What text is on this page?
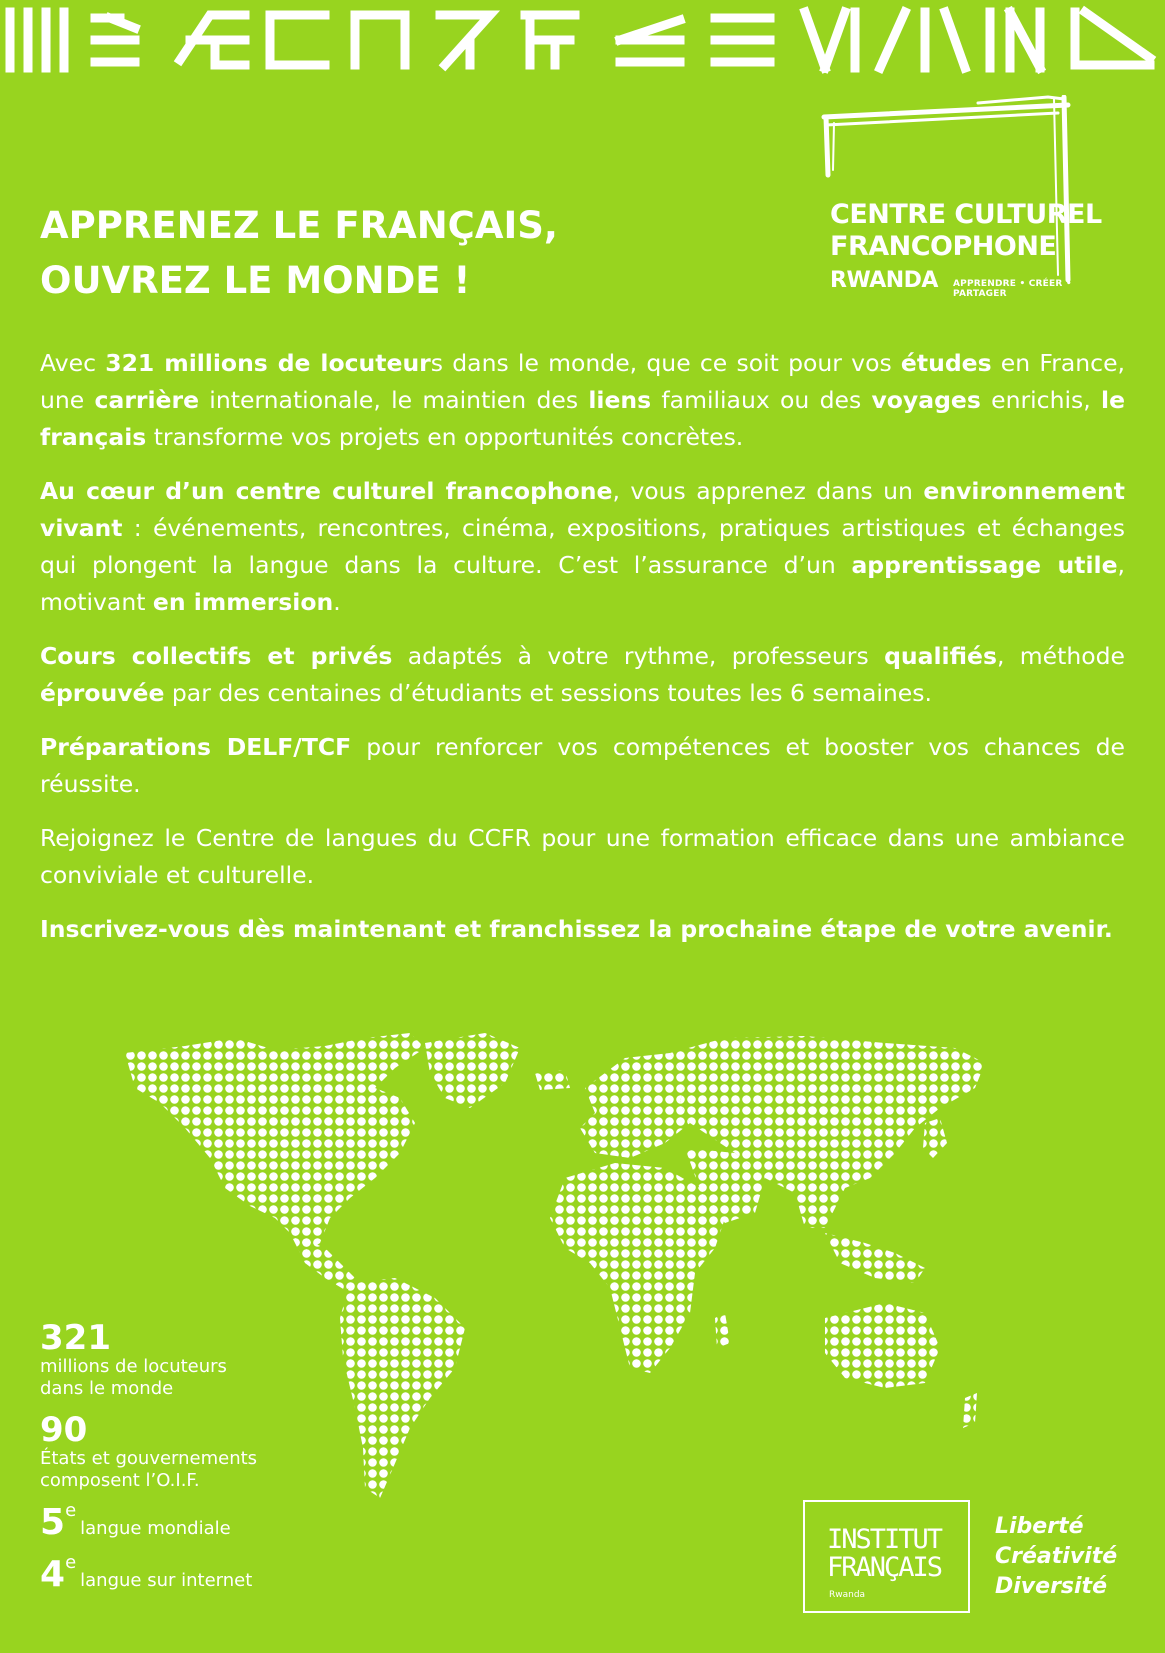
CENTRE CULTUREL
FRANCOPHONE
RWANDA APPRENDRE • CRÉER • PARTAGER
APPRENEZ LE FRANÇAIS,
OUVREZ LE MONDE !

Avec 321 millions de locuteurs dans le monde, que ce soit pour vos études en France, une carrière internationale, le maintien des liens familiaux ou des voyages enrichis, le français transforme vos projets en opportunités concrètes.

Au cœur d’un centre culturel francophone, vous apprenez dans un environnement vivant : événements, rencontres, cinéma, expositions, pratiques artistiques et échanges qui plongent la langue dans la culture. C’est l’assurance d’un apprentissage utile, motivant en immersion.

Cours collectifs et privés adaptés à votre rythme, professeurs qualifiés, méthode éprouvée par des centaines d’étudiants et sessions toutes les 6 semaines.

Préparations DELF/TCF pour renforcer vos compétences et booster vos chances de réussite.

Rejoignez le Centre de langues du CCFR pour une formation efficace dans une ambiance conviviale et culturelle.

Inscrivez-vous dès maintenant et franchissez la prochaine étape de votre avenir.

321
millions de locuteurs
dans le monde
90
États et gouvernements
composent l’O.I.F.
5elangue mondiale
4elangue sur internet
INSTITUT
FRANÇAIS
Rwanda
Liberté
Créativité
Diversité
